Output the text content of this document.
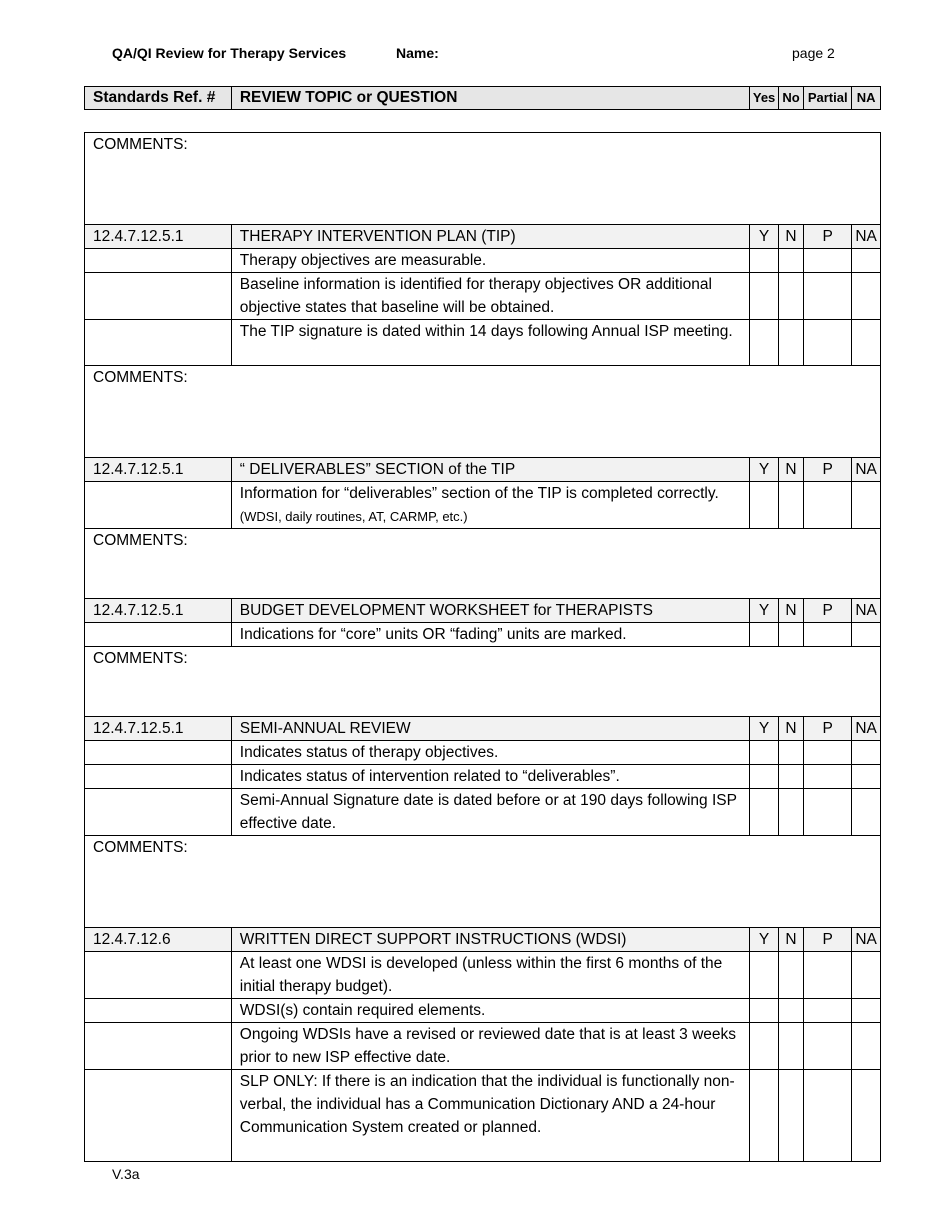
QA/QI Review for Therapy Services	Name:	page 2
Standards Ref. #	REVIEW TOPIC or QUESTION	Yes	No	Partial	NA
COMMENTS:					
12.4.7.12.5.1	THERAPY INTERVENTION PLAN (TIP)	Y	N	P	NA
	Therapy objectives are measurable.				
	Baseline information is identified for therapy objectives OR additional objective states that baseline will be obtained.				
	The TIP signature is dated within 14 days following Annual ISP meeting.				
COMMENTS:					
12.4.7.12.5.1	“ DELIVERABLES” SECTION of the TIP	Y	N	P	NA
	Information for “deliverables” section of the TIP is completed correctly. (WDSI, daily routines, AT, CARMP, etc.)				
COMMENTS:					
12.4.7.12.5.1	BUDGET DEVELOPMENT WORKSHEET for THERAPISTS	Y	N	P	NA
	Indications for “core” units OR “fading” units are marked.				
COMMENTS:					
12.4.7.12.5.1	SEMI-ANNUAL REVIEW	Y	N	P	NA
	Indicates status of therapy objectives.				
	Indicates status of intervention related to “deliverables”.				
	Semi-Annual Signature date is dated before or at 190 days following ISP effective date.				
COMMENTS:					
12.4.7.12.6	WRITTEN DIRECT SUPPORT INSTRUCTIONS (WDSI)	Y	N	P	NA
	At least one WDSI is developed (unless within the first 6 months of the initial therapy budget).				
	WDSI(s) contain required elements.				
	Ongoing WDSIs have a revised or reviewed date that is at least 3 weeks prior to new ISP effective date.				
	SLP ONLY: If there is an indication that the individual is functionally non-verbal, the individual has a Communication Dictionary AND a 24-hour Communication System created or planned.				
V.3a
